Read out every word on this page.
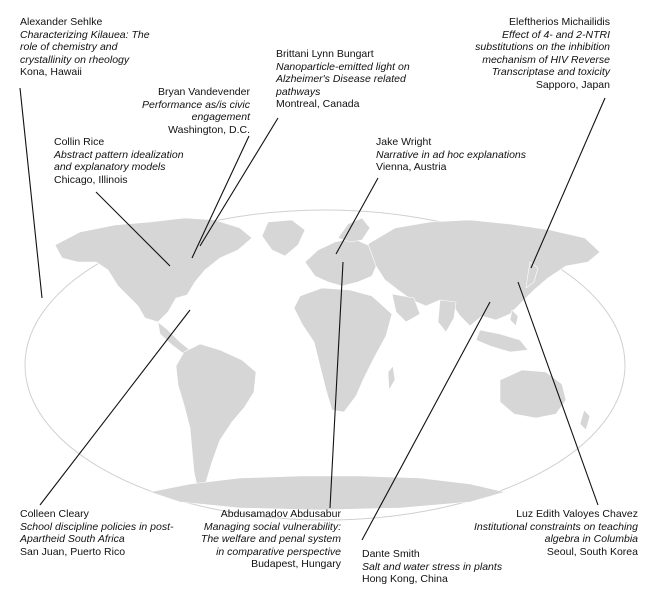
Alexander Sehlke
Characterizing Kilauea: The
role of chemistry and
crystallinity on rheology
Kona, Hawaii
Brittani Lynn Bungart
Nanoparticle-emitted light on
Alzheimer's Disease related
pathways
Montreal, Canada
Eleftherios Michailidis
Effect of 4- and 2-NTRI
substitutions on the inhibition
mechanism of HIV Reverse
Transcriptase and toxicity
Sapporo, Japan
Bryan Vandevender
Performance as/is civic
engagement
Washington, D.C.
Collin Rice
Abstract pattern idealization
and explanatory models
Chicago, Illinois
Jake Wright
Narrative in ad hoc explanations
Vienna, Austria
Colleen Cleary
School discipline policies in post-
Apartheid South Africa
San Juan, Puerto Rico
Abdusamadov Abdusabur
Managing social vulnerability:
The welfare and penal system
in comparative perspective
Budapest, Hungary
Luz Edith Valoyes Chavez
Institutional constraints on teaching
algebra in Columbia
Seoul, South Korea
Dante Smith
Salt and water stress in plants
Hong Kong, China
